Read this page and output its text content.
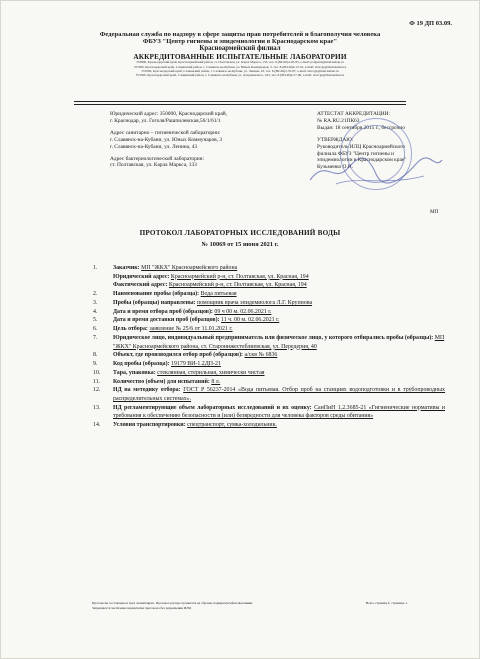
Ф 19 ДП 03.09.
Федеральная служба по надзору в сфере защиты прав потребителей и благополучия человека
ФБУЗ "Центр гигиены и эпидемиологии в Краснодарском крае"
Красноармейский филиал
АККРЕДИТОВАННЫЕ ИСПЫТАТЕЛЬНЫЕ ЛАБОРАТОРИИ
353800, Краснодарский край, Красноармейский район, ст. Полтавская, ул. Карла Маркса, 133, тел. 8-(86165)4-05-83, e-mail: polgsenn@mail.kuban.ru
353560, Краснодарский край, Славянский район, г. Славянск-на-Кубани, ул. Юных Коммунаров, 3, тел. 8-(86146)4-13-52, e-mail: slavcge@mail.kuban.ru
353560, Краснодарский край, Славянский район, г. Славянск-на-Кубани, ул. Ленина, 43, тел. 8-(86146)2-35-87, e-mail: slavcge@mail.kuban.ru
353560, Краснодарский край, Славянский район, г. Славянск-на-Кубани, ул. Дзержинского, 243, тел. 8-(86146)4-57-09, e-mail: slavcge@mail.kuban.ru
Юридический адрес: 350000, Краснодарский край,
г. Краснодар, ул. Гоголя/Рашпилевская,56/1/61/1
Адрес санитарно – гигиенической лаборатории:
г. Славянск-на-Кубани, ул. Юных Коммунаров, 3
г. Славянск-на-Кубани, ул. Ленина, 43
Адрес бактериологической лаборатории:
ст. Полтавская, ул. Карла Маркса, 133
АТТЕСТАТ АККРЕДИТАЦИИ:
№ RA.RU.21ПК63
Выдан: 18 сентября 2015 г., бессрочно
УТВЕРЖДАЮ:
Руководитель ИЛЦ Красноармейского
филиала ФБУЗ "Центр гигиены и
эпидемиологии в Краснодарском крае"
Кузьменко О.Н.
МП
ПРОТОКОЛ ЛАБОРАТОРНЫХ ИССЛЕДОВАНИЙ ВОДЫ
№ 10069 от 15 июня 2021 г.
1.	Заказчик: МП "ЖКХ" Красноармейского района
Юридический адрес: Красноармейский р-н, ст. Полтавская, ул. Красная, 194
Фактический адрес: Красноармейский р-н, ст. Полтавская, ул. Красная, 194
2.	Наименование пробы (образца): Вода питьевая
3.	Пробы (образцы) направлены: помощник врача эпидемиолога Л.Г. Крупнова
4.	Дата и время отбора проб (образцов): 09 ч 00 м. 02.06.2021 г.
5.	Дата и время доставки проб (образцов): 11 ч. 00 м. 02.06.2021 г.
6.	Цель отбора: заявление № 25/6 от 11.01.2021 г.
7.	Юридическое лицо, индивидуальный предприниматель или физическое лицо, у которого отбирались пробы (образцы): МП "ЖКХ" Красноармейского района, ст. Старонижестеблиевская, ул. Передерия, 40
8.	Объект, где производился отбор проб (образцов): а/скв № 6836
9.	Код пробы (образца): 19179 ВИ-1.2ДП-21
10.	Тара, упаковка: стеклянная, стерильная, химически чистая
11.	Количество (объем) для испытаний: 8 л.
12.	НД на методику отбора: ГОСТ Р 56237-2014 «Вода питьевая. Отбор проб на станциях водоподготовки и в трубопроводных распределительных системах».
13.	НД регламентирующие объем лабораторных исследований и их оценку: СанПиН 1.2.3685-21 «Гигиенические нормативы и требования к обеспечению безопасности и (или) безвредности для человека факторов среды обитания»
14.	Условия транспортировки: спецтранспорт, сумка-холодильник.
Протоколы составлены в трех экземплярах. Протокол распространяется на образец подвергнутый испытаниям.
Запрещается частичная перепечатка протокола без разрешения ИЛЦ
Всего страниц 2; страница 1.
